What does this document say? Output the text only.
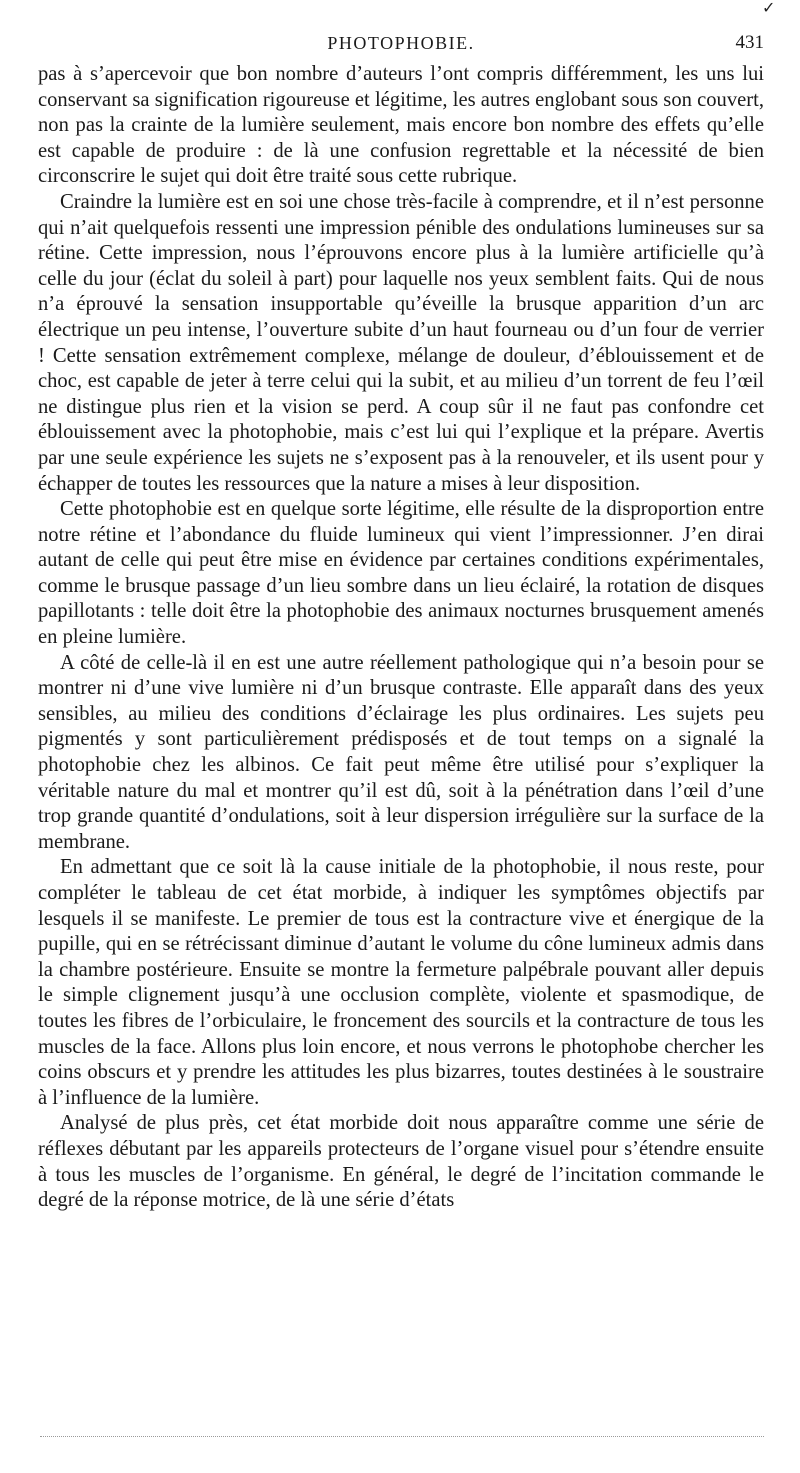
✓
PHOTOPHOBIE.	431

pas à s’apercevoir que bon nombre d’auteurs l’ont compris différemment, les uns lui conservant sa signification rigoureuse et légitime, les autres englobant sous son couvert, non pas la crainte de la lumière seulement, mais encore bon nombre des effets qu’elle est capable de produire : de là une confusion regrettable et la nécessité de bien circonscrire le sujet qui doit être traité sous cette rubrique.

Craindre la lumière est en soi une chose très-facile à comprendre, et il n’est personne qui n’ait quelquefois ressenti une impression pénible des ondulations lumineuses sur sa rétine. Cette impression, nous l’éprouvons encore plus à la lumière artificielle qu’à celle du jour (éclat du soleil à part) pour laquelle nos yeux semblent faits. Qui de nous n’a éprouvé la sensation insupportable qu’éveille la brusque apparition d’un arc électrique un peu intense, l’ouverture subite d’un haut fourneau ou d’un four de verrier ! Cette sensation extrêmement complexe, mélange de douleur, d’éblouissement et de choc, est capable de jeter à terre celui qui la subit, et au milieu d’un torrent de feu l’œil ne distingue plus rien et la vision se perd. A coup sûr il ne faut pas confondre cet éblouissement avec la photophobie, mais c’est lui qui l’explique et la prépare. Avertis par une seule expérience les sujets ne s’exposent pas à la renouveler, et ils usent pour y échapper de toutes les ressources que la nature a mises à leur disposition.

Cette photophobie est en quelque sorte légitime, elle résulte de la disproportion entre notre rétine et l’abondance du fluide lumineux qui vient l’impressionner. J’en dirai autant de celle qui peut être mise en évidence par certaines conditions expérimentales, comme le brusque passage d’un lieu sombre dans un lieu éclairé, la rotation de disques papillotants : telle doit être la photophobie des animaux nocturnes brusquement amenés en pleine lumière.

A côté de celle-là il en est une autre réellement pathologique qui n’a besoin pour se montrer ni d’une vive lumière ni d’un brusque contraste. Elle apparaît dans des yeux sensibles, au milieu des conditions d’éclairage les plus ordinaires. Les sujets peu pigmentés y sont particulièrement prédisposés et de tout temps on a signalé la photophobie chez les albinos. Ce fait peut même être utilisé pour s’expliquer la véritable nature du mal et montrer qu’il est dû, soit à la pénétration dans l’œil d’une trop grande quantité d’ondulations, soit à leur dispersion irrégulière sur la surface de la membrane.

En admettant que ce soit là la cause initiale de la photophobie, il nous reste, pour compléter le tableau de cet état morbide, à indiquer les symptômes objectifs par lesquels il se manifeste. Le premier de tous est la contracture vive et énergique de la pupille, qui en se rétrécissant diminue d’autant le volume du cône lumineux admis dans la chambre postérieure. Ensuite se montre la fermeture palpébrale pouvant aller depuis le simple clignement jusqu’à une occlusion complète, violente et spasmodique, de toutes les fibres de l’orbiculaire, le froncement des sourcils et la contracture de tous les muscles de la face. Allons plus loin encore, et nous verrons le photophobe chercher les coins obscurs et y prendre les attitudes les plus bizarres, toutes destinées à le soustraire à l’influence de la lumière.

Analysé de plus près, cet état morbide doit nous apparaître comme une série de réflexes débutant par les appareils protecteurs de l’organe visuel pour s’étendre ensuite à tous les muscles de l’organisme. En général, le degré de l’incitation commande le degré de la réponse motrice, de là une série d’états
